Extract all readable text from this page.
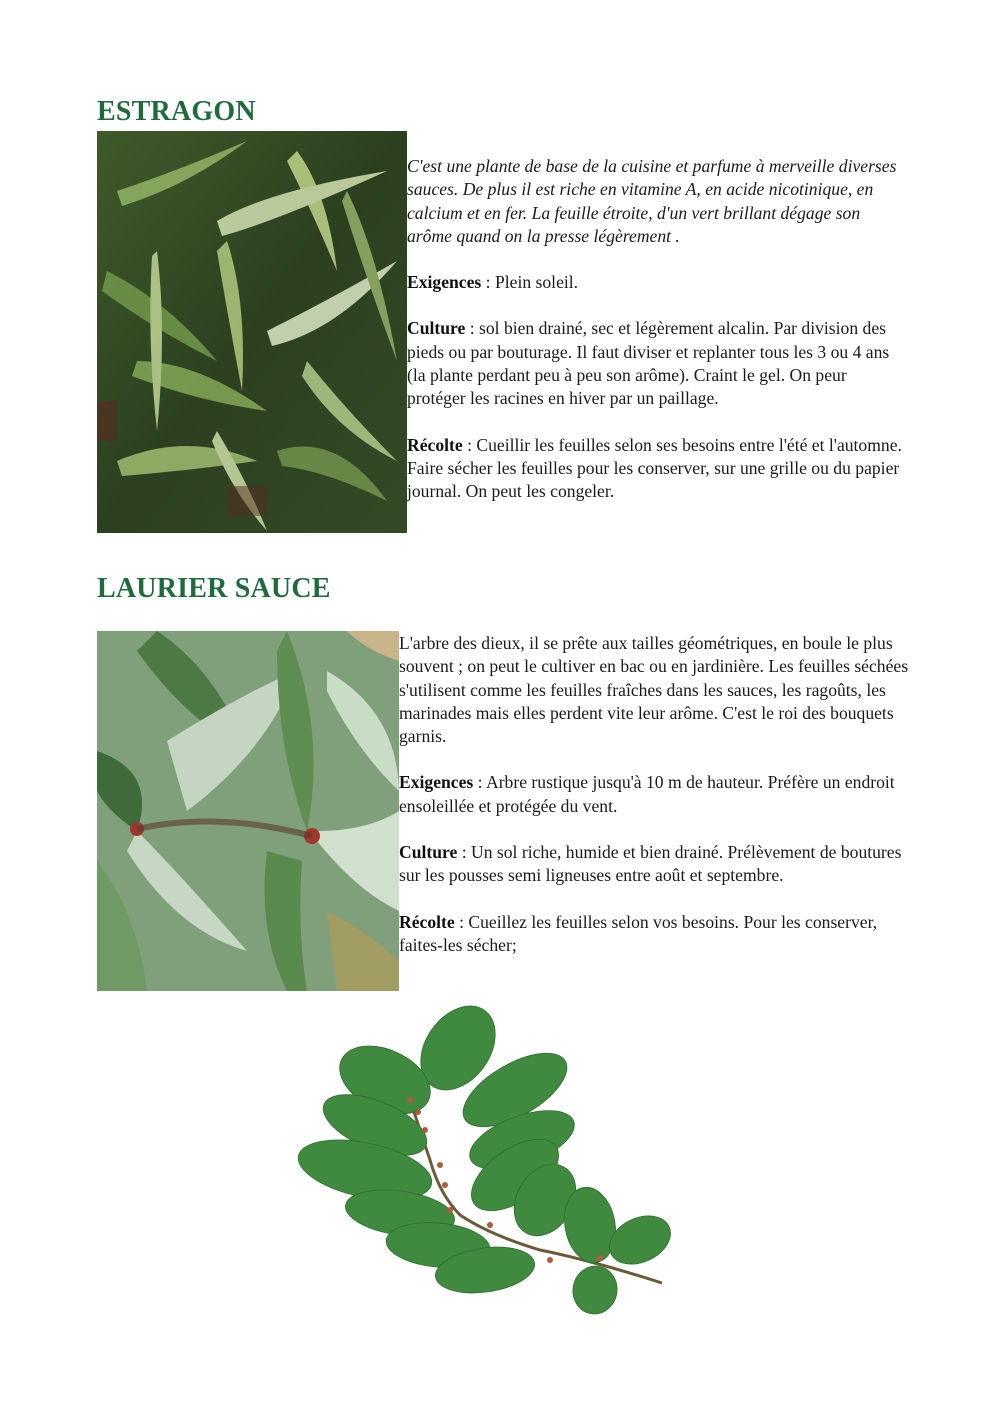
ESTRAGON

C'est une plante de base de la cuisine et parfume à merveille diverses sauces. De plus il est riche en vitamine A, en acide nicotinique, en calcium et en fer. La feuille étroite, d'un vert brillant dégage son arôme quand on la presse légèrement .

Exigences : Plein soleil.

Culture : sol bien drainé, sec et légèrement alcalin. Par division des pieds ou par bouturage. Il faut diviser et replanter tous les 3 ou 4 ans (la plante perdant peu à peu son arôme). Craint le gel. On peur protéger les racines en hiver par un paillage.

Récolte : Cueillir les feuilles selon ses besoins entre l'été et l'automne. Faire sécher les feuilles pour les conserver, sur une grille ou du papier journal. On peut les congeler.

LAURIER SAUCE

L'arbre des dieux, il se prête aux tailles géométriques, en boule le plus souvent ; on peut le cultiver en bac ou en jardinière. Les feuilles séchées s'utilisent comme les feuilles fraîches dans les sauces, les ragoûts, les marinades mais elles perdent vite leur arôme. C'est le roi des bouquets garnis.

Exigences : Arbre rustique jusqu'à 10 m de hauteur. Préfère un endroit ensoleillée et protégée du vent.

Culture : Un sol riche, humide et bien drainé. Prélèvement de boutures sur les pousses semi ligneuses entre août et septembre.

Récolte : Cueillez les feuilles selon vos besoins. Pour les conserver, faites-les sécher;
